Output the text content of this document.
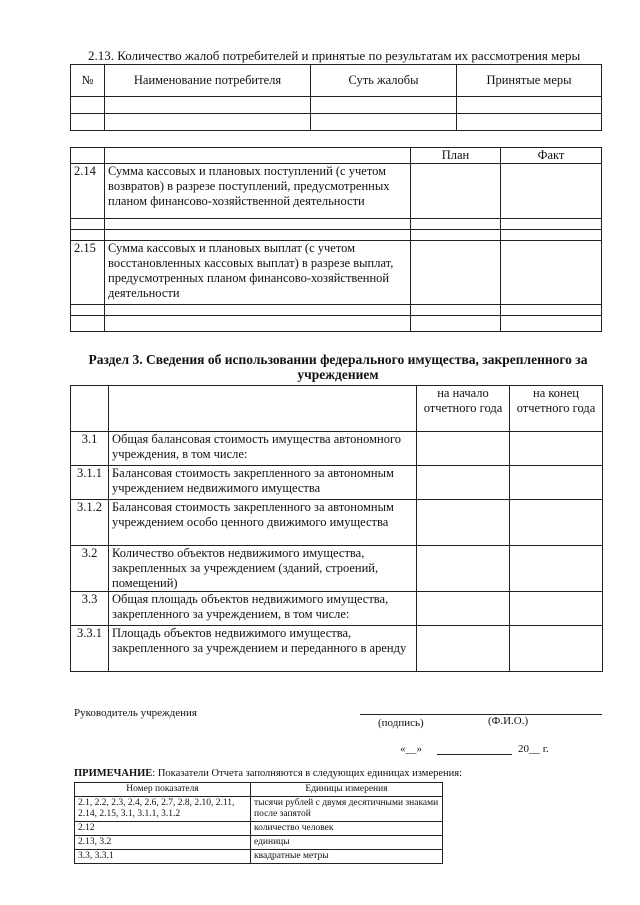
2.13. Количество жалоб потребителей и принятые по результатам их рассмотрения меры
№	Наименование потребителя	Суть жалобы	Принятые меры

		План	Факт
2.14	Сумма кассовых и плановых поступлений (с учетом возвратов) в разрезе поступлений, предусмотренных планом финансово-хозяйственной деятельности		

2.15	Сумма кассовых и плановых выплат (с учетом восстановленных кассовых выплат) в разрезе выплат, предусмотренных планом финансово-хозяйственной деятельности		

Раздел 3. Сведения об использовании федерального имущества, закрепленного за учреждением
		на начало отчетного года	на конец отчетного года
3.1	Общая балансовая стоимость имущества автономного учреждения, в том числе:		
3.1.1	Балансовая стоимость закрепленного за автономным учреждением недвижимого имущества		
3.1.2	Балансовая стоимость закрепленного за автономным учреждением особо ценного движимого имущества		
3.2	Количество объектов недвижимого имущества, закрепленных за учреждением (зданий, строений, помещений)		
3.3	Общая площадь объектов недвижимого имущества, закрепленного за учреждением, в том числе:		
3.3.1	Площадь объектов недвижимого имущества, закрепленного за учреждением и переданного в аренду		
Руководитель учреждения
(подпись)	(Ф.И.О.)
«__»	20__ г.
ПРИМЕЧАНИЕ: Показатели Отчета заполняются в следующих единицах измерения:
Номер показателя	Единицы измерения
2.1, 2.2, 2.3, 2.4, 2.6, 2.7, 2.8, 2.10, 2.11, 2.14, 2.15, 3.1, 3.1.1, 3.1.2	тысячи рублей с двумя десятичными знаками после запятой
2.12	количество человек
2.13, 3.2	единицы
3.3, 3.3.1	квадратные метры
